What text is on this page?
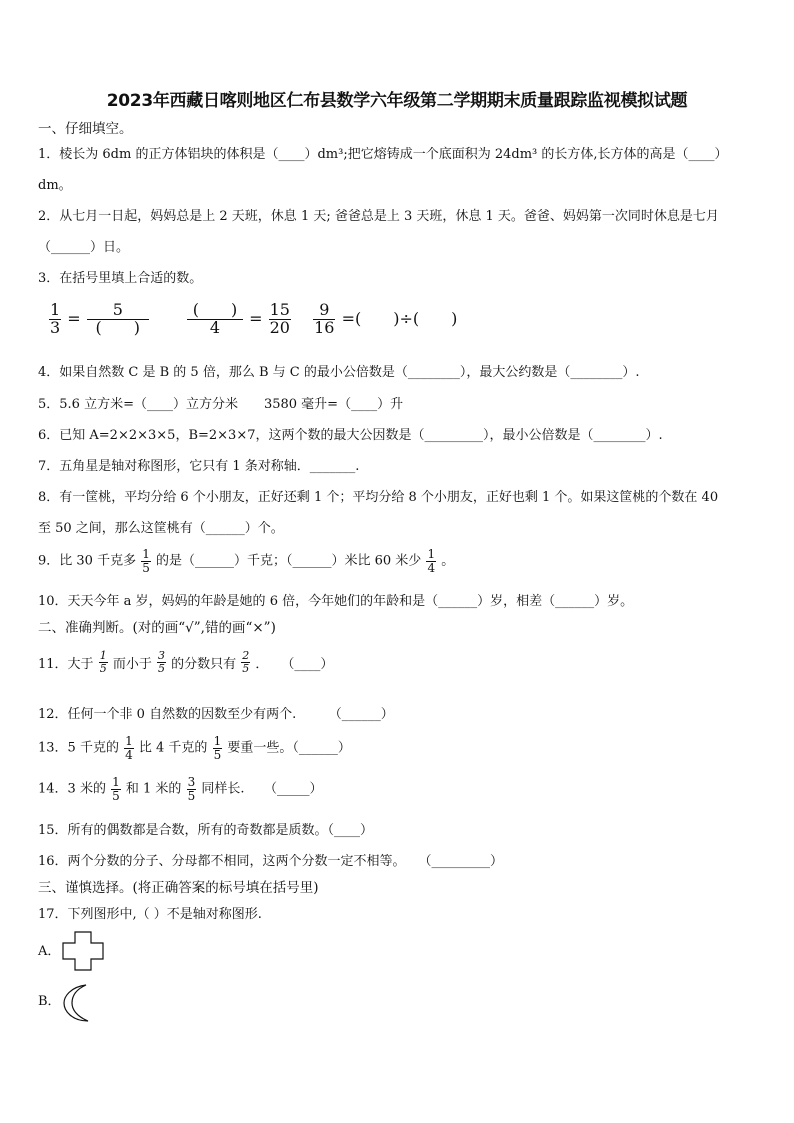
2023年西藏日喀则地区仁布县数学六年级第二学期期末质量跟踪监视模拟试题
一、仔细填空。
1．棱长为 6dm 的正方体铝块的体积是（____）dm³;把它熔铸成一个底面积为 24dm³ 的长方体,长方体的高是（____）
dm。
2．从七月一日起，妈妈总是上 2 天班，休息 1 天; 爸爸总是上 3 天班，休息 1 天。爸爸、妈妈第一次同时休息是七月
（______）日。
3．在括号里填上合适的数。
$\frac{1}{3} = \frac{5}{( )}$
$\frac{( )}{4} = \frac{15}{20}$
$\frac{9}{16}$ =(　　)÷(　　)
4．如果自然数 C 是 B 的 5 倍，那么 B 与 C 的最小公倍数是（________），最大公约数是（________）.
5．5.6 立方米=（____）立方分米　　3580 毫升=（____）升
6．已知 A=2×2×3×5，B=2×3×7，这两个数的最大公因数是（_________），最小公倍数是（________）.
7．五角星是轴对称图形，它只有 1 条对称轴．_______.
8．有一筐桃，平均分给 6 个小朋友，正好还剩 1 个；平均分给 8 个小朋友，正好也剩 1 个。如果这筐桃的个数在 40
至 50 之间，那么这筐桃有（______）个。
9．比 30 千克多 $\frac{1}{5}$ 的是（______）千克；（______）米比 60 米少 $\frac{1}{4}$ 。
10．天天今年 a 岁，妈妈的年龄是她的 6 倍，今年她们的年龄和是（______）岁，相差（______）岁。
二、准确判断。(对的画“√”,错的画“×”)
11．大于 $\frac{1}{5}$ 而小于 $\frac{3}{5}$ 的分数只有 $\frac{2}{5}$ ．　　（____）
12．任何一个非 0 自然数的因数至少有两个.　　　（______）
13．5 千克的 $\frac{1}{4}$ 比 4 千克的 $\frac{1}{5}$ 要重一些。（______）
14．3 米的 $\frac{1}{5}$ 和 1 米的 $\frac{3}{5}$ 同样长.　　（_____）
15．所有的偶数都是合数，所有的奇数都是质数。（____）
16．两个分数的分子、分母都不相同，这两个分数一定不相等。　　（_________）
三、谨慎选择。(将正确答案的标号填在括号里)
17．下列图形中,（ ）不是轴对称图形.
A．
B．
